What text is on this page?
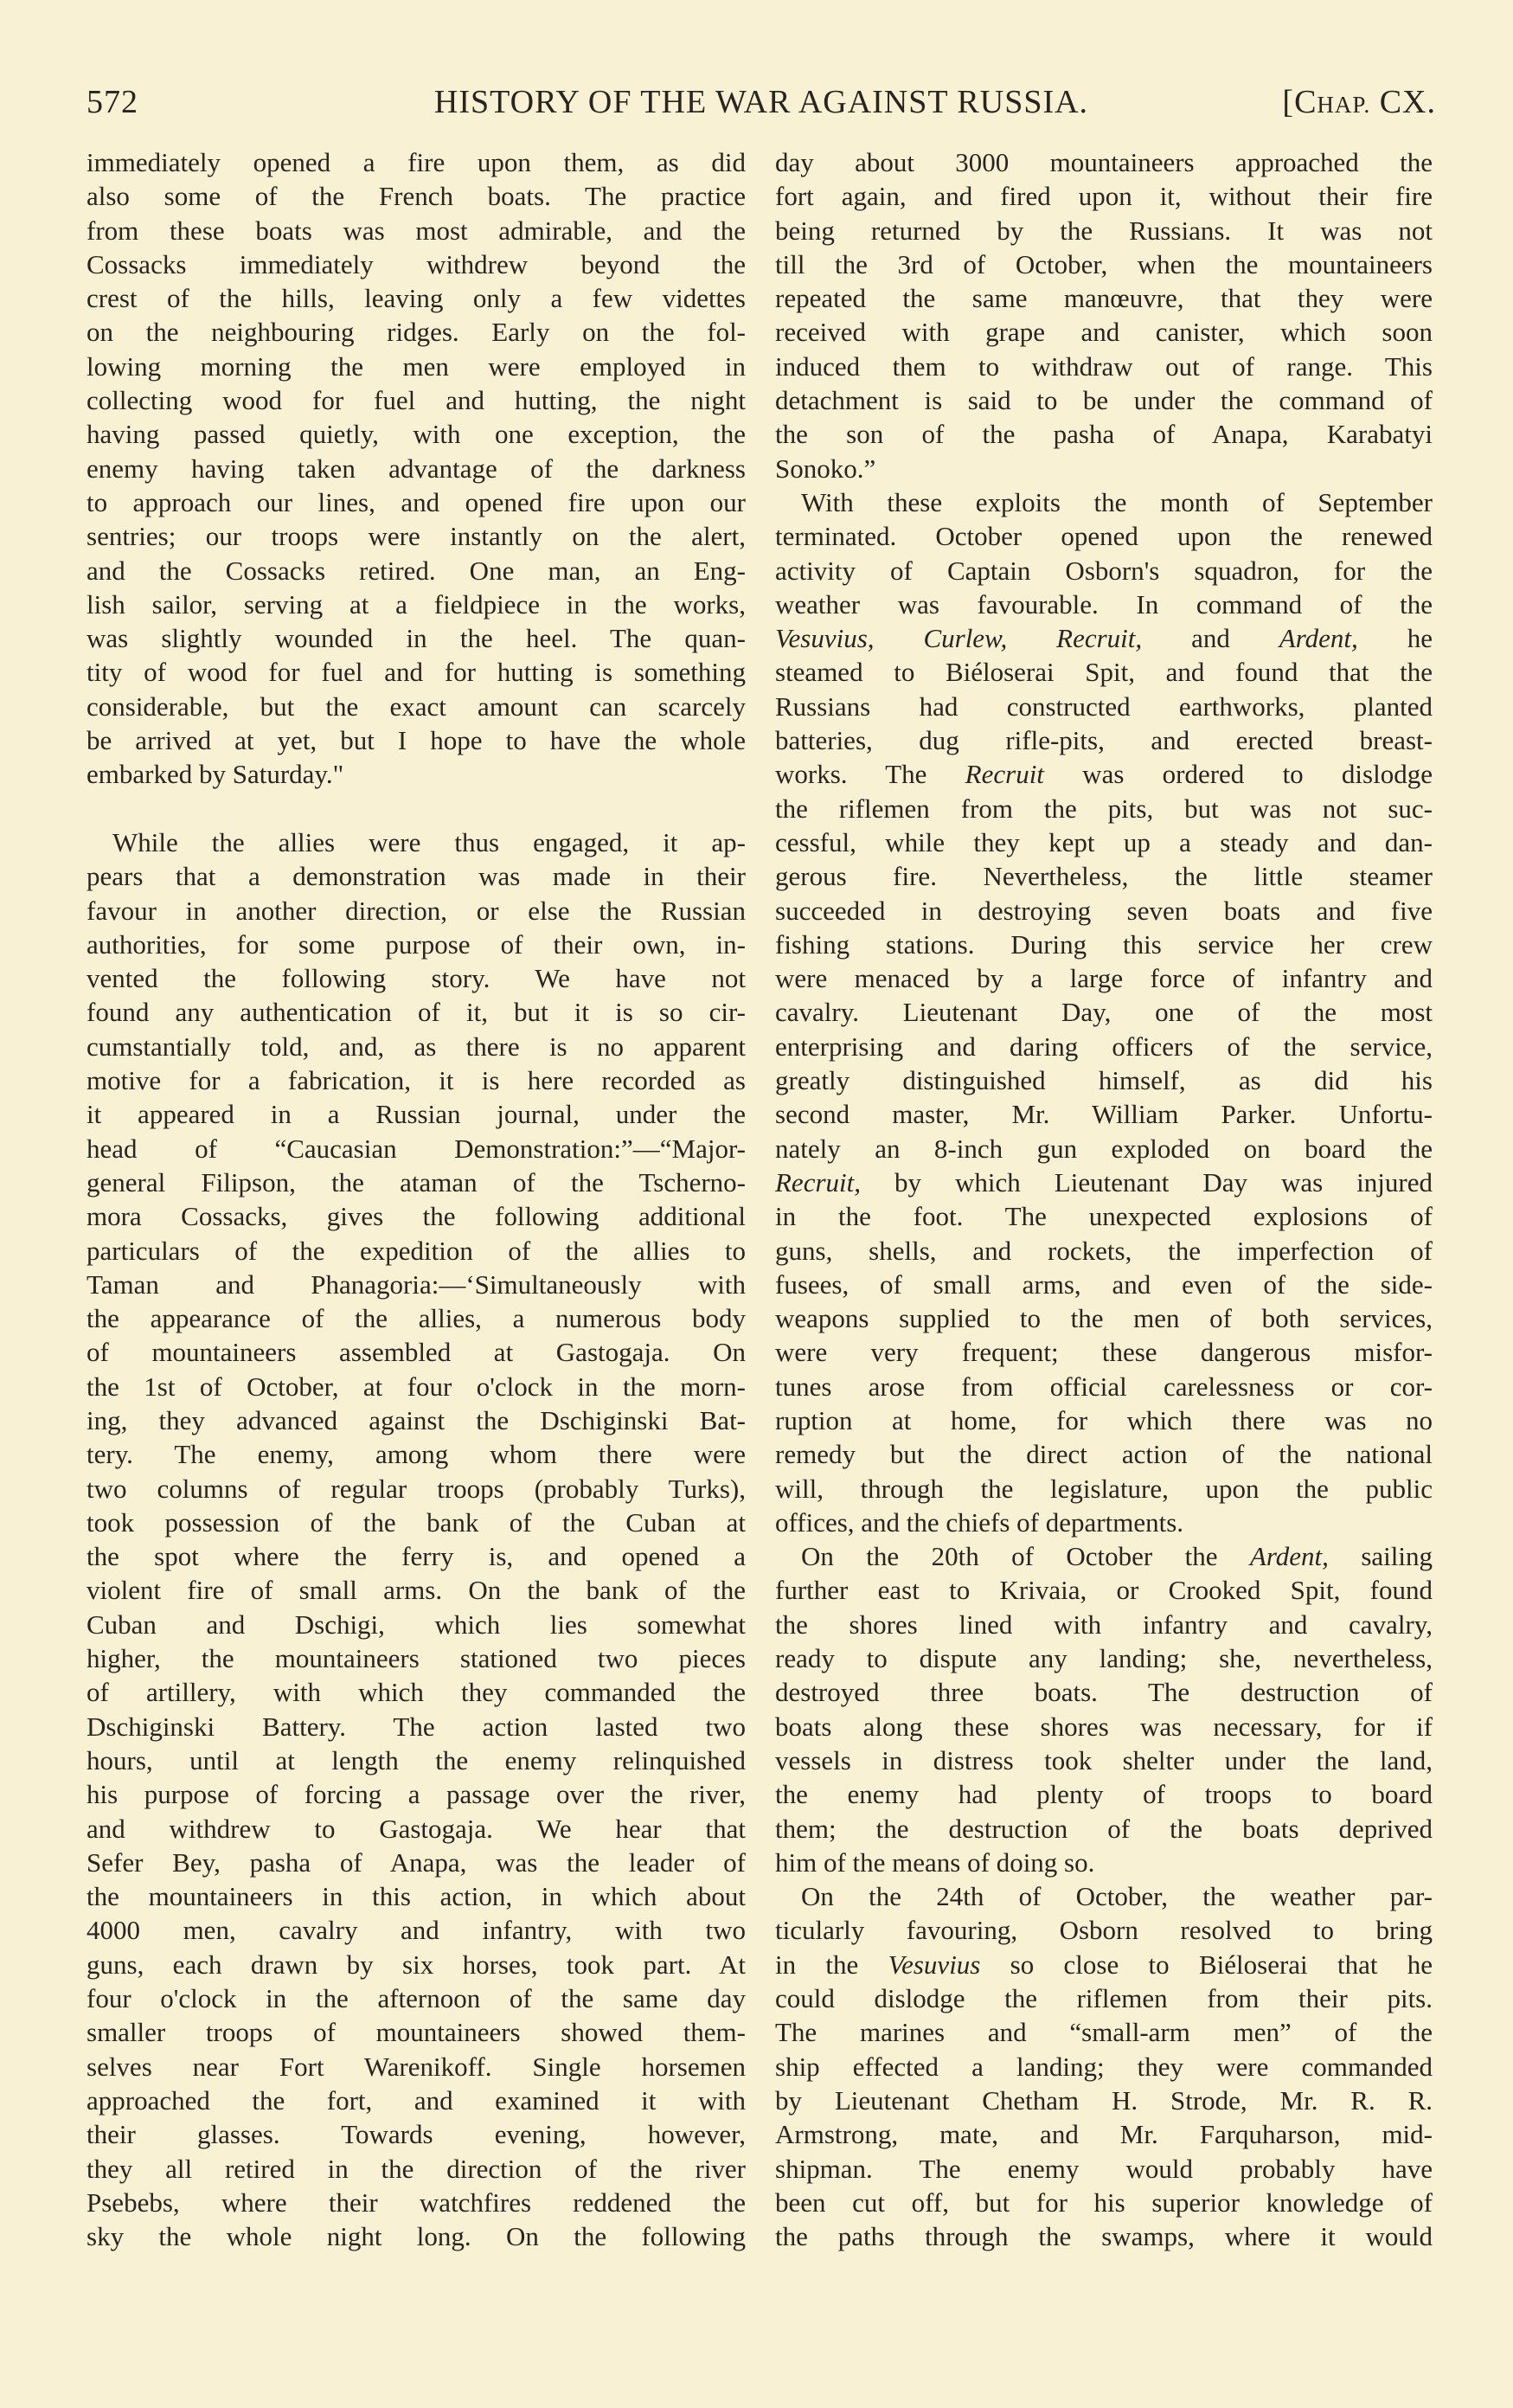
572	HISTORY OF THE WAR AGAINST RUSSIA.	[CHAP. CX.
immediately opened a fire upon them, as did
also some of the French boats. The practice
from these boats was most admirable, and the
Cossacks immediately withdrew beyond the
crest of the hills, leaving only a few videttes
on the neighbouring ridges. Early on the fol-
lowing morning the men were employed in
collecting wood for fuel and hutting, the night
having passed quietly, with one exception, the
enemy having taken advantage of the darkness
to approach our lines, and opened fire upon our
sentries; our troops were instantly on the alert,
and the Cossacks retired. One man, an Eng-
lish sailor, serving at a fieldpiece in the works,
was slightly wounded in the heel. The quan-
tity of wood for fuel and for hutting is something
considerable, but the exact amount can scarcely
be arrived at yet, but I hope to have the whole
embarked by Saturday."
While the allies were thus engaged, it ap-
pears that a demonstration was made in their
favour in another direction, or else the Russian
authorities, for some purpose of their own, in-
vented the following story. We have not
found any authentication of it, but it is so cir-
cumstantially told, and, as there is no apparent
motive for a fabrication, it is here recorded as
it appeared in a Russian journal, under the
head of “Caucasian Demonstration:”—“Major-
general Filipson, the ataman of the Tscherno-
mora Cossacks, gives the following additional
particulars of the expedition of the allies to
Taman and Phanagoria:—‘Simultaneously with
the appearance of the allies, a numerous body
of mountaineers assembled at Gastogaja. On
the 1st of October, at four o'clock in the morn-
ing, they advanced against the Dschiginski Bat-
tery. The enemy, among whom there were
two columns of regular troops (probably Turks),
took possession of the bank of the Cuban at
the spot where the ferry is, and opened a
violent fire of small arms. On the bank of the
Cuban and Dschigi, which lies somewhat
higher, the mountaineers stationed two pieces
of artillery, with which they commanded the
Dschiginski Battery. The action lasted two
hours, until at length the enemy relinquished
his purpose of forcing a passage over the river,
and withdrew to Gastogaja. We hear that
Sefer Bey, pasha of Anapa, was the leader of
the mountaineers in this action, in which about
4000 men, cavalry and infantry, with two
guns, each drawn by six horses, took part. At
four o'clock in the afternoon of the same day
smaller troops of mountaineers showed them-
selves near Fort Warenikoff. Single horsemen
approached the fort, and examined it with
their glasses. Towards evening, however,
they all retired in the direction of the river
Psebebs, where their watchfires reddened the
sky the whole night long. On the following
day about 3000 mountaineers approached the
fort again, and fired upon it, without their fire
being returned by the Russians. It was not
till the 3rd of October, when the mountaineers
repeated the same manœuvre, that they were
received with grape and canister, which soon
induced them to withdraw out of range. This
detachment is said to be under the command of
the son of the pasha of Anapa, Karabatyi
Sonoko.”
With these exploits the month of September
terminated. October opened upon the renewed
activity of Captain Osborn's squadron, for the
weather was favourable. In command of the
Vesuvius, Curlew, Recruit, and Ardent, he
steamed to Biéloserai Spit, and found that the
Russians had constructed earthworks, planted
batteries, dug rifle-pits, and erected breast-
works. The Recruit was ordered to dislodge
the riflemen from the pits, but was not suc-
cessful, while they kept up a steady and dan-
gerous fire. Nevertheless, the little steamer
succeeded in destroying seven boats and five
fishing stations. During this service her crew
were menaced by a large force of infantry and
cavalry. Lieutenant Day, one of the most
enterprising and daring officers of the service,
greatly distinguished himself, as did his
second master, Mr. William Parker. Unfortu-
nately an 8-inch gun exploded on board the
Recruit, by which Lieutenant Day was injured
in the foot. The unexpected explosions of
guns, shells, and rockets, the imperfection of
fusees, of small arms, and even of the side-
weapons supplied to the men of both services,
were very frequent; these dangerous misfor-
tunes arose from official carelessness or cor-
ruption at home, for which there was no
remedy but the direct action of the national
will, through the legislature, upon the public
offices, and the chiefs of departments.
On the 20th of October the Ardent, sailing
further east to Krivaia, or Crooked Spit, found
the shores lined with infantry and cavalry,
ready to dispute any landing; she, nevertheless,
destroyed three boats. The destruction of
boats along these shores was necessary, for if
vessels in distress took shelter under the land,
the enemy had plenty of troops to board
them; the destruction of the boats deprived
him of the means of doing so.
On the 24th of October, the weather par-
ticularly favouring, Osborn resolved to bring
in the Vesuvius so close to Biéloserai that he
could dislodge the riflemen from their pits.
The marines and “small-arm men” of the
ship effected a landing; they were commanded
by Lieutenant Chetham H. Strode, Mr. R. R.
Armstrong, mate, and Mr. Farquharson, mid-
shipman. The enemy would probably have
been cut off, but for his superior knowledge of
the paths through the swamps, where it would
